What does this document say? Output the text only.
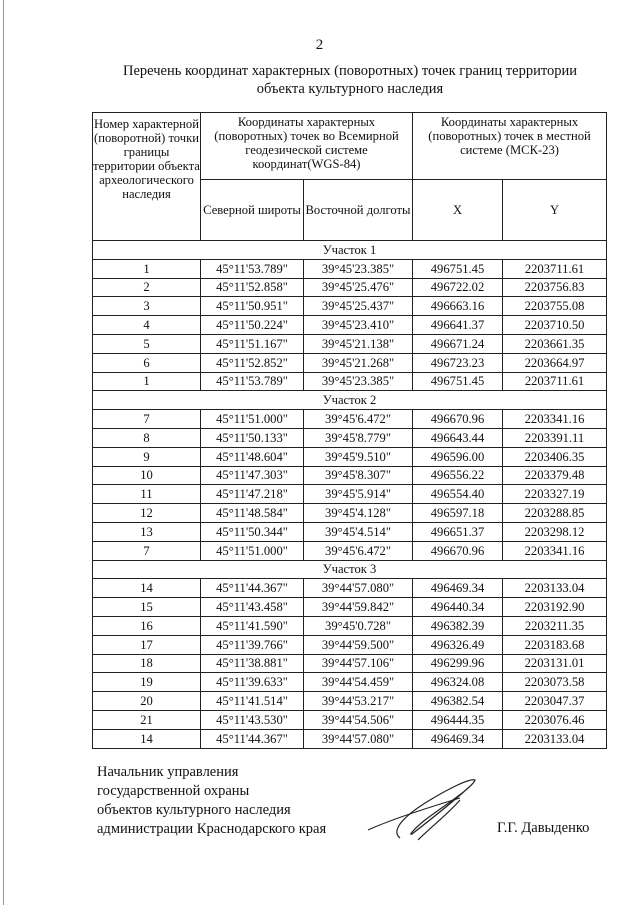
2
Перечень координат характерных (поворотных) точек границ территории
объекта культурного наследия
Номер характерной (поворотной) точки границы территории объекта археологического наследия	Координаты характерных (поворотных) точек во Всемирной геодезической системе координат(WGS-84)		Координаты характерных (поворотных) точек в местной системе (МСК-23)	
	Северной широты	Восточной долготы	X	Y
Участок 1				
1	45°11'53.789"	39°45'23.385"	496751.45	2203711.61
2	45°11'52.858"	39°45'25.476"	496722.02	2203756.83
3	45°11'50.951"	39°45'25.437"	496663.16	2203755.08
4	45°11'50.224"	39°45'23.410"	496641.37	2203710.50
5	45°11'51.167"	39°45'21.138"	496671.24	2203661.35
6	45°11'52.852"	39°45'21.268"	496723.23	2203664.97
1	45°11'53.789"	39°45'23.385"	496751.45	2203711.61
Участок 2				
7	45°11'51.000"	39°45'6.472"	496670.96	2203341.16
8	45°11'50.133"	39°45'8.779"	496643.44	2203391.11
9	45°11'48.604"	39°45'9.510"	496596.00	2203406.35
10	45°11'47.303"	39°45'8.307"	496556.22	2203379.48
11	45°11'47.218"	39°45'5.914"	496554.40	2203327.19
12	45°11'48.584"	39°45'4.128"	496597.18	2203288.85
13	45°11'50.344"	39°45'4.514"	496651.37	2203298.12
7	45°11'51.000"	39°45'6.472"	496670.96	2203341.16
Участок 3				
14	45°11'44.367"	39°44'57.080"	496469.34	2203133.04
15	45°11'43.458"	39°44'59.842"	496440.34	2203192.90
16	45°11'41.590"	39°45'0.728"	496382.39	2203211.35
17	45°11'39.766"	39°44'59.500"	496326.49	2203183.68
18	45°11'38.881"	39°44'57.106"	496299.96	2203131.01
19	45°11'39.633"	39°44'54.459"	496324.08	2203073.58
20	45°11'41.514"	39°44'53.217"	496382.54	2203047.37
21	45°11'43.530"	39°44'54.506"	496444.35	2203076.46
14	45°11'44.367"	39°44'57.080"	496469.34	2203133.04
Начальник управления
государственной охраны
объектов культурного наследия
администрации Краснодарского края	Г.Г. Давыденко
